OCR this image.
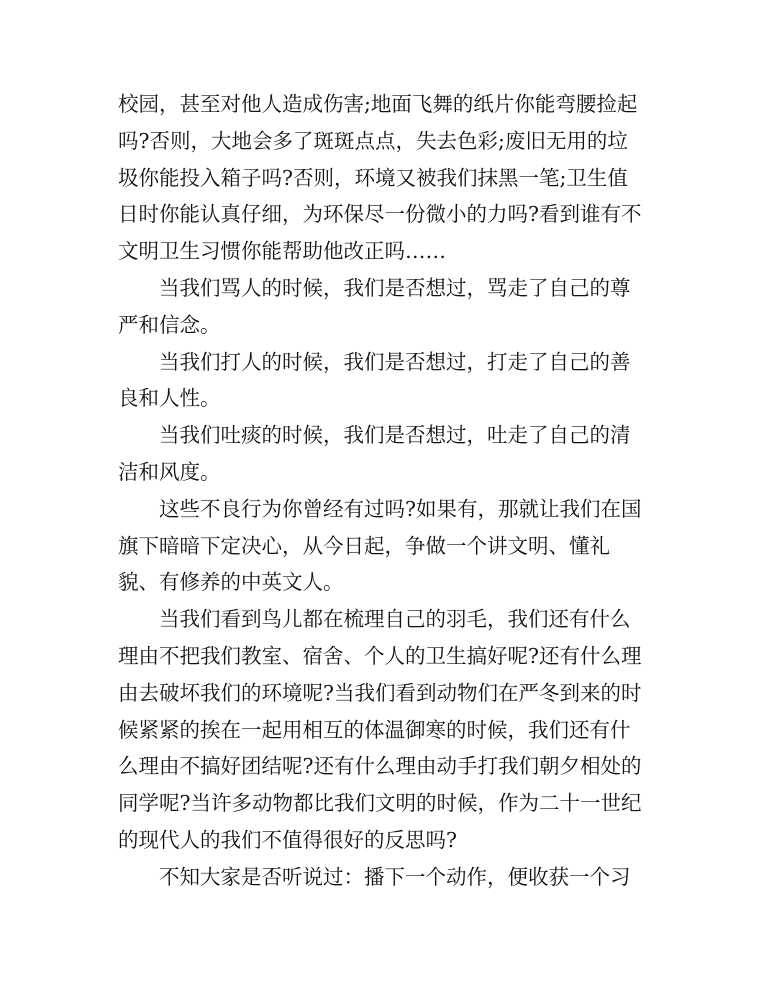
校园，甚至对他人造成伤害;地面飞舞的纸片你能弯腰捡起
吗?否则，大地会多了斑斑点点，失去色彩;废旧无用的垃
圾你能投入箱子吗?否则，环境又被我们抹黑一笔;卫生值
日时你能认真仔细，为环保尽一份微小的力吗?看到谁有不
文明卫生习惯你能帮助他改正吗……
当我们骂人的时候，我们是否想过，骂走了自己的尊
严和信念。
当我们打人的时候，我们是否想过，打走了自己的善
良和人性。
当我们吐痰的时候，我们是否想过，吐走了自己的清
洁和风度。
这些不良行为你曾经有过吗?如果有，那就让我们在国
旗下暗暗下定决心，从今日起，争做一个讲文明、懂礼
貌、有修养的中英文人。
当我们看到鸟儿都在梳理自己的羽毛，我们还有什么
理由不把我们教室、宿舍、个人的卫生搞好呢?还有什么理
由去破坏我们的环境呢?当我们看到动物们在严冬到来的时
候紧紧的挨在一起用相互的体温御寒的时候，我们还有什
么理由不搞好团结呢?还有什么理由动手打我们朝夕相处的
同学呢?当许多动物都比我们文明的时候，作为二十一世纪
的现代人的我们不值得很好的反思吗?
不知大家是否听说过：播下一个动作，便收获一个习
